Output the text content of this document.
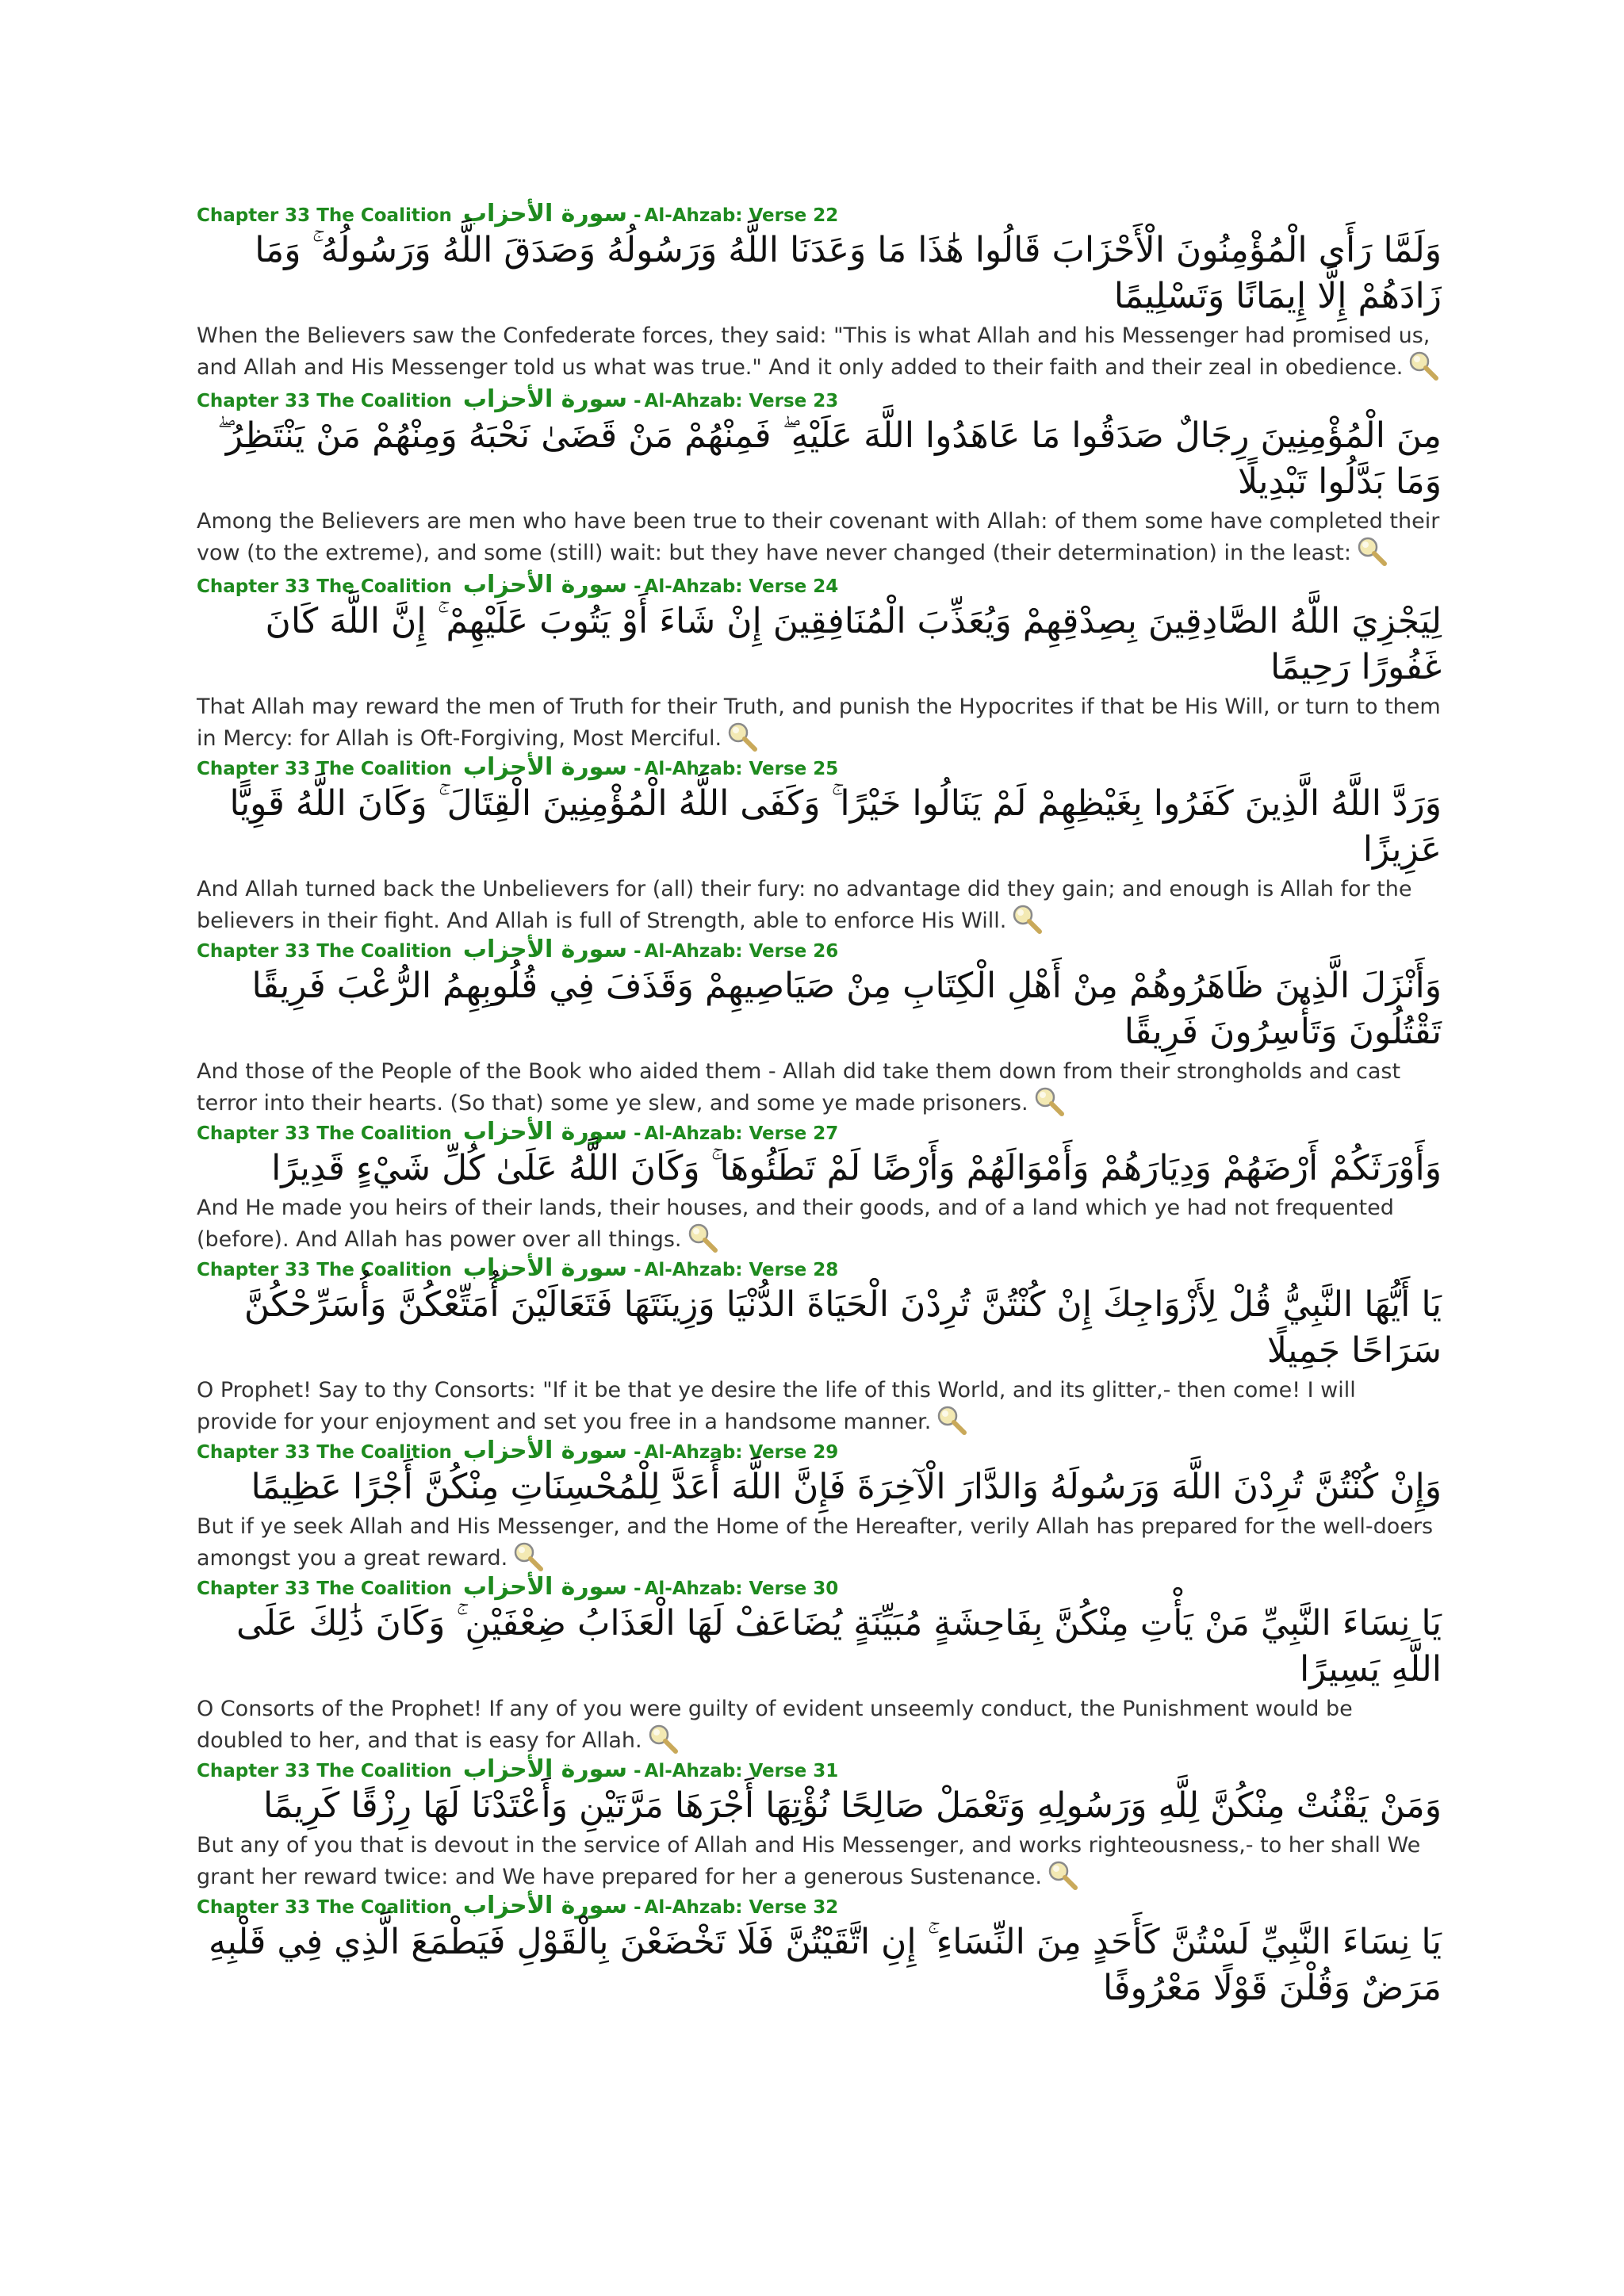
Chapter 33 The Coalition سورة الأحزاب - Al-Ahzab: Verse 22
وَلَمَّا رَأَى الْمُؤْمِنُونَ الْأَحْزَابَ قَالُوا هَٰذَا مَا وَعَدَنَا اللَّهُ وَرَسُولُهُ وَصَدَقَ اللَّهُ وَرَسُولُهُ ۚ وَمَا زَادَهُمْ إِلَّا إِيمَانًا وَتَسْلِيمًا
When the Believers saw the Confederate forces, they said: "This is what Allah and his Messenger had promised us, and Allah and His Messenger told us what was true." And it only added to their faith and their zeal in obedience.
Chapter 33 The Coalition سورة الأحزاب - Al-Ahzab: Verse 23
مِنَ الْمُؤْمِنِينَ رِجَالٌ صَدَقُوا مَا عَاهَدُوا اللَّهَ عَلَيْهِ ۖ فَمِنْهُمْ مَنْ قَضَىٰ نَحْبَهُ وَمِنْهُمْ مَنْ يَنْتَظِرُ ۖ وَمَا بَدَّلُوا تَبْدِيلًا
Among the Believers are men who have been true to their covenant with Allah: of them some have completed their vow (to the extreme), and some (still) wait: but they have never changed (their determination) in the least:
Chapter 33 The Coalition سورة الأحزاب - Al-Ahzab: Verse 24
لِيَجْزِيَ اللَّهُ الصَّادِقِينَ بِصِدْقِهِمْ وَيُعَذِّبَ الْمُنَافِقِينَ إِنْ شَاءَ أَوْ يَتُوبَ عَلَيْهِمْ ۚ إِنَّ اللَّهَ كَانَ غَفُورًا رَحِيمًا
That Allah may reward the men of Truth for their Truth, and punish the Hypocrites if that be His Will, or turn to them in Mercy: for Allah is Oft-Forgiving, Most Merciful.
Chapter 33 The Coalition سورة الأحزاب - Al-Ahzab: Verse 25
وَرَدَّ اللَّهُ الَّذِينَ كَفَرُوا بِغَيْظِهِمْ لَمْ يَنَالُوا خَيْرًا ۚ وَكَفَى اللَّهُ الْمُؤْمِنِينَ الْقِتَالَ ۚ وَكَانَ اللَّهُ قَوِيًّا عَزِيزًا
And Allah turned back the Unbelievers for (all) their fury: no advantage did they gain; and enough is Allah for the believers in their fight. And Allah is full of Strength, able to enforce His Will.
Chapter 33 The Coalition سورة الأحزاب - Al-Ahzab: Verse 26
وَأَنْزَلَ الَّذِينَ ظَاهَرُوهُمْ مِنْ أَهْلِ الْكِتَابِ مِنْ صَيَاصِيهِمْ وَقَذَفَ فِي قُلُوبِهِمُ الرُّعْبَ فَرِيقًا تَقْتُلُونَ وَتَأْسِرُونَ فَرِيقًا
And those of the People of the Book who aided them - Allah did take them down from their strongholds and cast terror into their hearts. (So that) some ye slew, and some ye made prisoners.
Chapter 33 The Coalition سورة الأحزاب - Al-Ahzab: Verse 27
وَأَوْرَثَكُمْ أَرْضَهُمْ وَدِيَارَهُمْ وَأَمْوَالَهُمْ وَأَرْضًا لَمْ تَطَئُوهَا ۚ وَكَانَ اللَّهُ عَلَىٰ كُلِّ شَيْءٍ قَدِيرًا
And He made you heirs of their lands, their houses, and their goods, and of a land which ye had not frequented (before). And Allah has power over all things.
Chapter 33 The Coalition سورة الأحزاب - Al-Ahzab: Verse 28
يَا أَيُّهَا النَّبِيُّ قُلْ لِأَزْوَاجِكَ إِنْ كُنْتُنَّ تُرِدْنَ الْحَيَاةَ الدُّنْيَا وَزِينَتَهَا فَتَعَالَيْنَ أُمَتِّعْكُنَّ وَأُسَرِّحْكُنَّ سَرَاحًا جَمِيلًا
O Prophet! Say to thy Consorts: "If it be that ye desire the life of this World, and its glitter,- then come! I will provide for your enjoyment and set you free in a handsome manner.
Chapter 33 The Coalition سورة الأحزاب - Al-Ahzab: Verse 29
وَإِنْ كُنْتُنَّ تُرِدْنَ اللَّهَ وَرَسُولَهُ وَالدَّارَ الْآخِرَةَ فَإِنَّ اللَّهَ أَعَدَّ لِلْمُحْسِنَاتِ مِنْكُنَّ أَجْرًا عَظِيمًا
But if ye seek Allah and His Messenger, and the Home of the Hereafter, verily Allah has prepared for the well-doers amongst you a great reward.
Chapter 33 The Coalition سورة الأحزاب - Al-Ahzab: Verse 30
يَا نِسَاءَ النَّبِيِّ مَنْ يَأْتِ مِنْكُنَّ بِفَاحِشَةٍ مُبَيِّنَةٍ يُضَاعَفْ لَهَا الْعَذَابُ ضِعْفَيْنِ ۚ وَكَانَ ذَٰلِكَ عَلَى اللَّهِ يَسِيرًا
O Consorts of the Prophet! If any of you were guilty of evident unseemly conduct, the Punishment would be doubled to her, and that is easy for Allah.
Chapter 33 The Coalition سورة الأحزاب - Al-Ahzab: Verse 31
وَمَنْ يَقْنُتْ مِنْكُنَّ لِلَّهِ وَرَسُولِهِ وَتَعْمَلْ صَالِحًا نُؤْتِهَا أَجْرَهَا مَرَّتَيْنِ وَأَعْتَدْنَا لَهَا رِزْقًا كَرِيمًا
But any of you that is devout in the service of Allah and His Messenger, and works righteousness,- to her shall We grant her reward twice: and We have prepared for her a generous Sustenance.
Chapter 33 The Coalition سورة الأحزاب - Al-Ahzab: Verse 32
يَا نِسَاءَ النَّبِيِّ لَسْتُنَّ كَأَحَدٍ مِنَ النِّسَاءِ ۚ إِنِ اتَّقَيْتُنَّ فَلَا تَخْضَعْنَ بِالْقَوْلِ فَيَطْمَعَ الَّذِي فِي قَلْبِهِ مَرَضٌ وَقُلْنَ قَوْلًا مَعْرُوفًا
